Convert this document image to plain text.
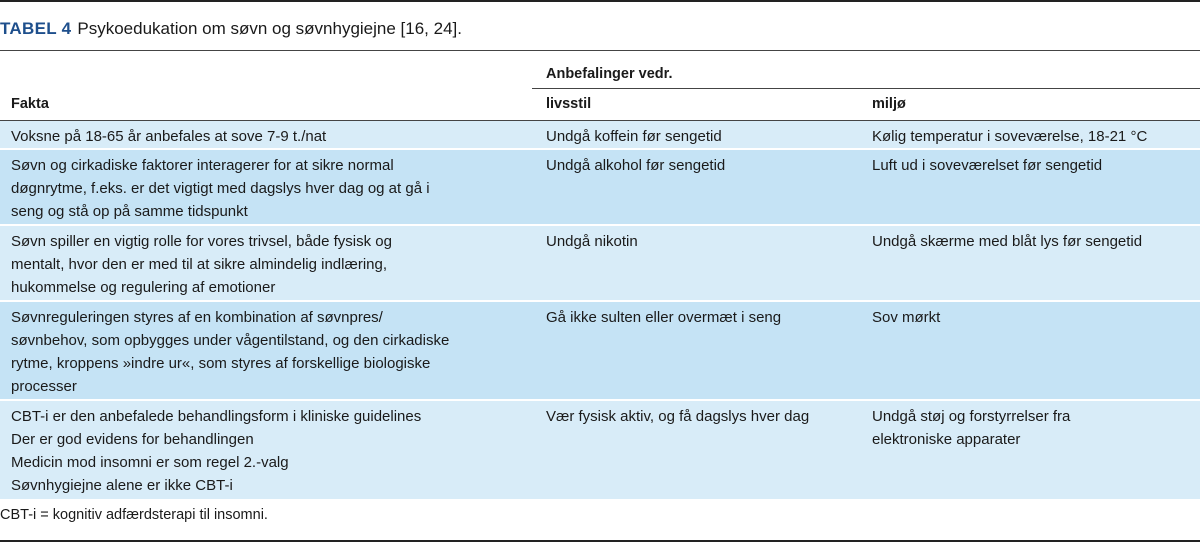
TABEL 4 Psykoedukation om søvn og søvnhygiejne [16, 24].
Anbefalinger vedr.
Fakta	livsstil	miljø
Voksne på 18-65 år anbefales at sove 7-9 t./nat	Undgå koffein før sengetid	Kølig temperatur i soveværelse, 18-21 °C
Søvn og cirkadiske faktorer interagerer for at sikre normal
døgnrytme, f.eks. er det vigtigt med dagslys hver dag og at gå i
seng og stå op på samme tidspunkt
Undgå alkohol før sengetid	Luft ud i soveværelset før sengetid
Søvn spiller en vigtig rolle for vores trivsel, både fysisk og
mentalt, hvor den er med til at sikre almindelig indlæring,
hukommelse og regulering af emotioner
Undgå nikotin	Undgå skærme med blåt lys før sengetid
Søvnreguleringen styres af en kombination af søvnpres/
søvnbehov, som opbygges under vågentilstand, og den cirkadiske
rytme, kroppens »indre ur«, som styres af forskellige biologiske
processer
Gå ikke sulten eller overmæt i seng	Sov mørkt
CBT-i er den anbefalede behandlingsform i kliniske guidelines
Der er god evidens for behandlingen
Medicin mod insomni er som regel 2.-valg
Søvnhygiejne alene er ikke CBT-i
Vær fysisk aktiv, og få dagslys hver dag	Undgå støj og forstyrrelser fra
elektroniske apparater
CBT-i = kognitiv adfærdsterapi til insomni.
